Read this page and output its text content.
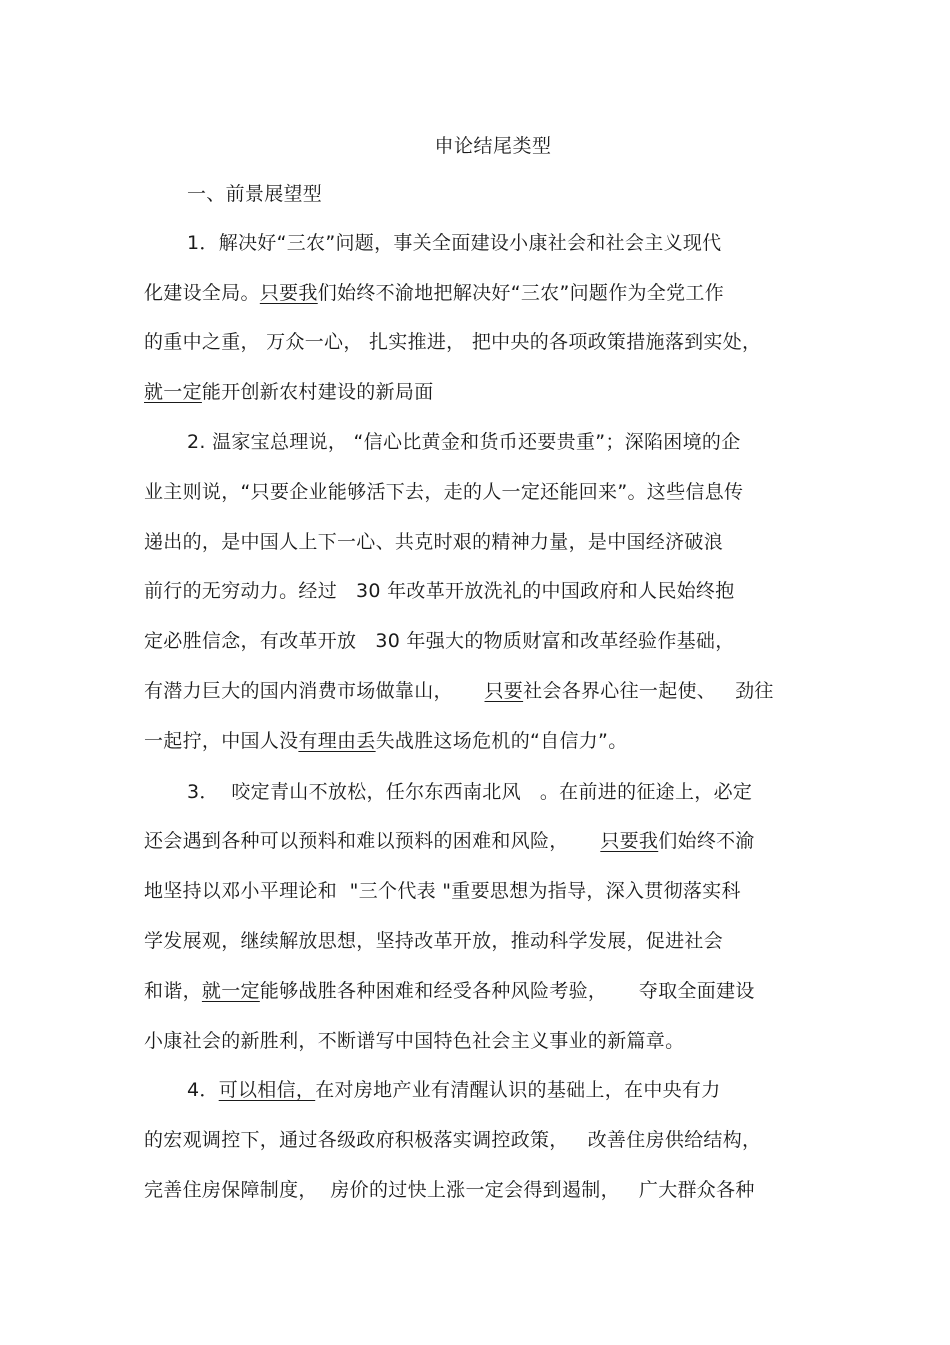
申论结尾类型
一、前景展望型
1．解决好“三农”问题，事关全面建设小康社会和社会主义现代
化建设全局。只要我们始终不渝地把解决好“三农”问题作为全党工作
的重中之重， 万众一心， 扎实推进， 把中央的各项政策措施落到实处，
就一定能开创新农村建设的新局面
2. 温家宝总理说， “信心比黄金和货币还要贵重”；深陷困境的企
业主则说，“只要企业能够活下去，走的人一定还能回来”。这些信息传
递出的，是中国人上下一心、共克时艰的精神力量，是中国经济破浪
前行的无穷动力。经过   30 年改革开放洗礼的中国政府和人民始终抱
定必胜信念，有改革开放   30 年强大的物质财富和改革经验作基础，
有潜力巨大的国内消费市场做靠山，     只要社会各界心往一起使、   劲往
一起拧，中国人没有理由丢失战胜这场危机的“自信力”。
3．  咬定青山不放松，任尔东西南北风   。在前进的征途上，必定
还会遇到各种可以预料和难以预料的困难和风险，     只要我们始终不渝
地坚持以邓小平理论和  "三个代表 "重要思想为指导，深入贯彻落实科
学发展观，继续解放思想，坚持改革开放，推动科学发展，促进社会
和谐，就一定能够战胜各种困难和经受各种风险考验，     夺取全面建设
小康社会的新胜利，不断谱写中国特色社会主义事业的新篇章。
4．可以相信，在对房地产业有清醒认识的基础上，在中央有力
的宏观调控下，通过各级政府积极落实调控政策，   改善住房供给结构，
完善住房保障制度，  房价的过快上涨一定会得到遏制，   广大群众各种
